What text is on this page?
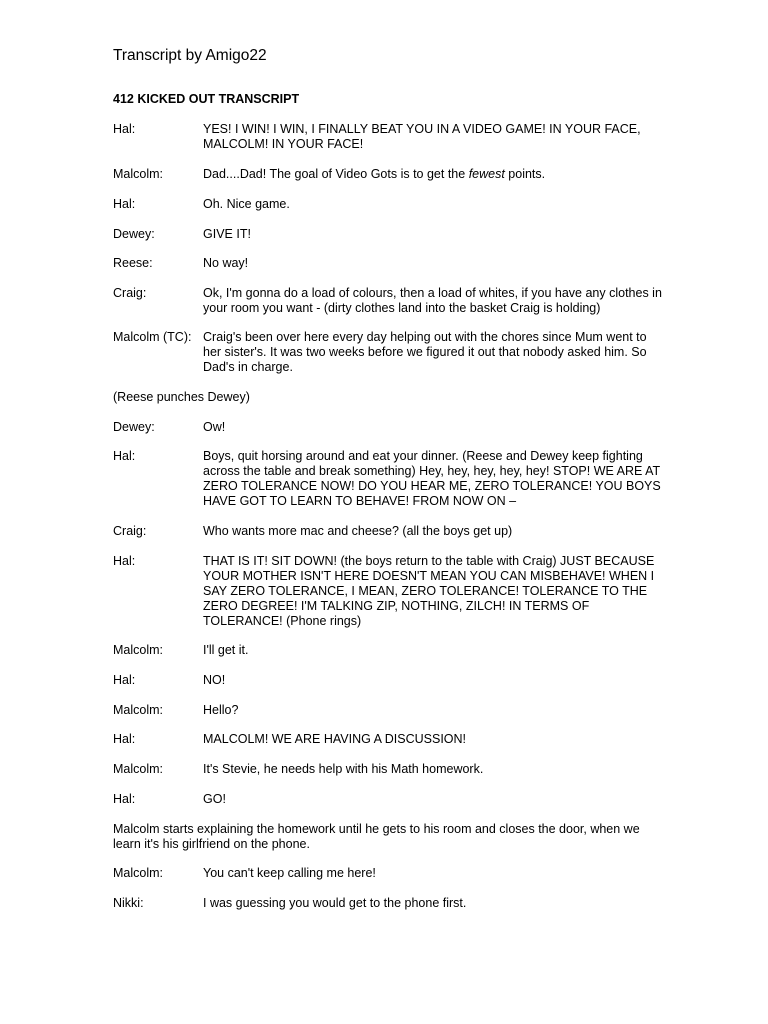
Transcript by Amigo22
412 KICKED OUT TRANSCRIPT
Hal:	YES! I WIN! I WIN, I FINALLY BEAT YOU IN A VIDEO GAME! IN YOUR FACE, MALCOLM! IN YOUR FACE!
Malcolm:	Dad....Dad! The goal of Video Gots is to get the fewest points.
Hal:	Oh. Nice game.
Dewey:	GIVE IT!
Reese:	No way!
Craig:	Ok, I'm gonna do a load of colours, then a load of whites, if you have any clothes in your room you want - (dirty clothes land into the basket Craig is holding)
Malcolm (TC): Craig's been over here every day helping out with the chores since Mum went to her sister's. It was two weeks before we figured it out that nobody asked him. So Dad's in charge.
(Reese punches Dewey)
Dewey:	Ow!
Hal:	Boys, quit horsing around and eat your dinner. (Reese and Dewey keep fighting across the table and break something) Hey, hey, hey, hey, hey! STOP! WE ARE AT ZERO TOLERANCE NOW! DO YOU HEAR ME, ZERO TOLERANCE! YOU BOYS HAVE GOT TO LEARN TO BEHAVE! FROM NOW ON –
Craig:	Who wants more mac and cheese? (all the boys get up)
Hal:	THAT IS IT! SIT DOWN! (the boys return to the table with Craig) JUST BECAUSE YOUR MOTHER ISN'T HERE DOESN'T MEAN YOU CAN MISBEHAVE! WHEN I SAY ZERO TOLERANCE, I MEAN, ZERO TOLERANCE! TOLERANCE TO THE ZERO DEGREE! I'M TALKING ZIP, NOTHING, ZILCH! IN TERMS OF TOLERANCE! (Phone rings)
Malcolm:	I'll get it.
Hal:	NO!
Malcolm:	Hello?
Hal:	MALCOLM! WE ARE HAVING A DISCUSSION!
Malcolm:	It's Stevie, he needs help with his Math homework.
Hal:	GO!
Malcolm starts explaining the homework until he gets to his room and closes the door, when we learn it's his girlfriend on the phone.
Malcolm:	You can't keep calling me here!
Nikki:	I was guessing you would get to the phone first.
